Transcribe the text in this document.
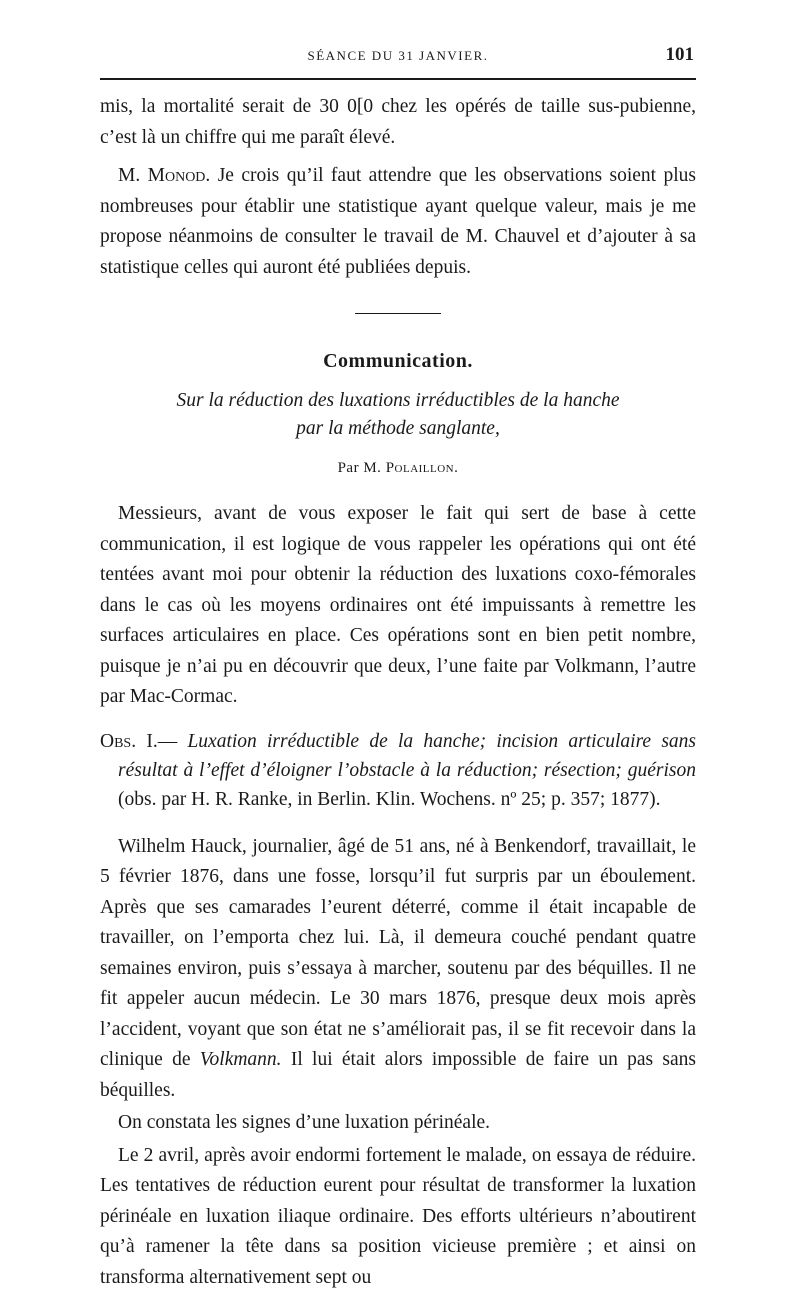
SÉANCE DU 31 JANVIER.	101

mis, la mortalité serait de 30 0[0 chez les opérés de taille sus-pubienne, c’est là un chiffre qui me paraît élevé.

M. Monod. Je crois qu’il faut attendre que les observations soient plus nombreuses pour établir une statistique ayant quelque valeur, mais je me propose néanmoins de consulter le travail de M. Chauvel et d’ajouter à sa statistique celles qui auront été publiées depuis.

Communication.
Sur la réduction des luxations irréductibles de la hanche
par la méthode sanglante,
Par M. Polaillon.

Messieurs, avant de vous exposer le fait qui sert de base à cette communication, il est logique de vous rappeler les opérations qui ont été tentées avant moi pour obtenir la réduction des luxations coxo-fémorales dans le cas où les moyens ordinaires ont été impuissants à remettre les surfaces articulaires en place. Ces opérations sont en bien petit nombre, puisque je n’ai pu en découvrir que deux, l’une faite par Volkmann, l’autre par Mac-Cormac.

Obs. I.— Luxation irréductible de la hanche; incision articulaire sans résultat à l’effet d’éloigner l’obstacle à la réduction; résection; guérison (obs. par H. R. Ranke, in Berlin. Klin. Wochens. nº 25; p. 357; 1877).

Wilhelm Hauck, journalier, âgé de 51 ans, né à Benkendorf, travaillait, le 5 février 1876, dans une fosse, lorsqu’il fut surpris par un éboulement. Après que ses camarades l’eurent déterré, comme il était incapable de travailler, on l’emporta chez lui. Là, il demeura couché pendant quatre semaines environ, puis s’essaya à marcher, soutenu par des béquilles. Il ne fit appeler aucun médecin. Le 30 mars 1876, presque deux mois après l’accident, voyant que son état ne s’améliorait pas, il se fit recevoir dans la clinique de Volkmann. Il lui était alors impossible de faire un pas sans béquilles.

On constata les signes d’une luxation périnéale.

Le 2 avril, après avoir endormi fortement le malade, on essaya de réduire. Les tentatives de réduction eurent pour résultat de transformer la luxation périnéale en luxation iliaque ordinaire. Des efforts ultérieurs n’aboutirent qu’à ramener la tête dans sa position vicieuse première ; et ainsi on transforma alternativement sept ou
